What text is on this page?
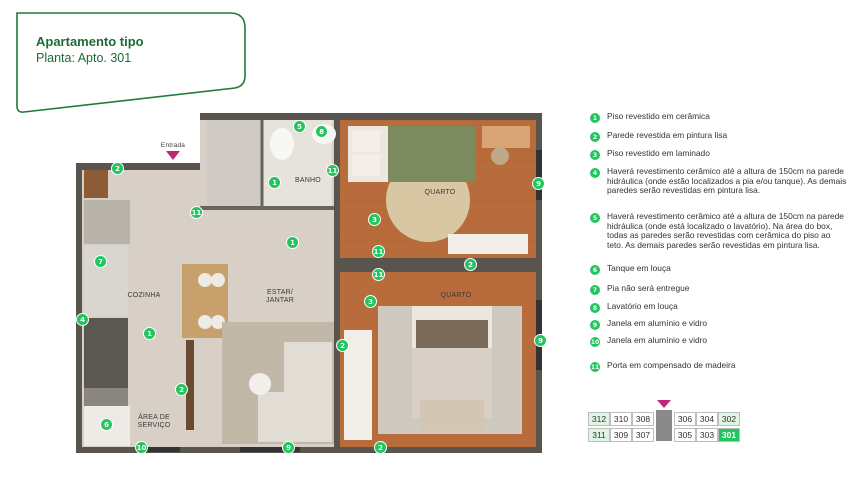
Apartamento tipo
Planta: Apto. 301
Entrada
BANHO
QUARTO
QUARTO
COZINHA	ESTAR/
JANTAR
ÁREA DE
SERVIÇO
5
8
1
11
9
3
11
1
2
11
2
11
7
3
2
1
4
2
9
6
10	9	2
1	Piso revestido em cerâmica
2	Parede revestida em pintura lisa
3	Piso revestido em laminado
4	Haverá revestimento cerâmico até a altura de 150cm na parede hidráulica (onde estão localizados a pia e/ou tanque). As demais paredes serão revestidas em pintura lisa.
5	Haverá revestimento cerâmico até a altura de 150cm na parede hidráulica (onde está localizado o lavatório). Na área do box, todas as paredes serão revestidas com cerâmica do piso ao teto. As demais paredes serão revestidas em pintura lisa.
6	Tanque em louça
7	Pia não será entregue
8	Lavatório em louça
9	Janela em alumínio e vidro
10 Janela em alumínio e vidro
11 Porta em compensado de madeira
312 310 308	306 304 302
311 309 307	305 303 301
